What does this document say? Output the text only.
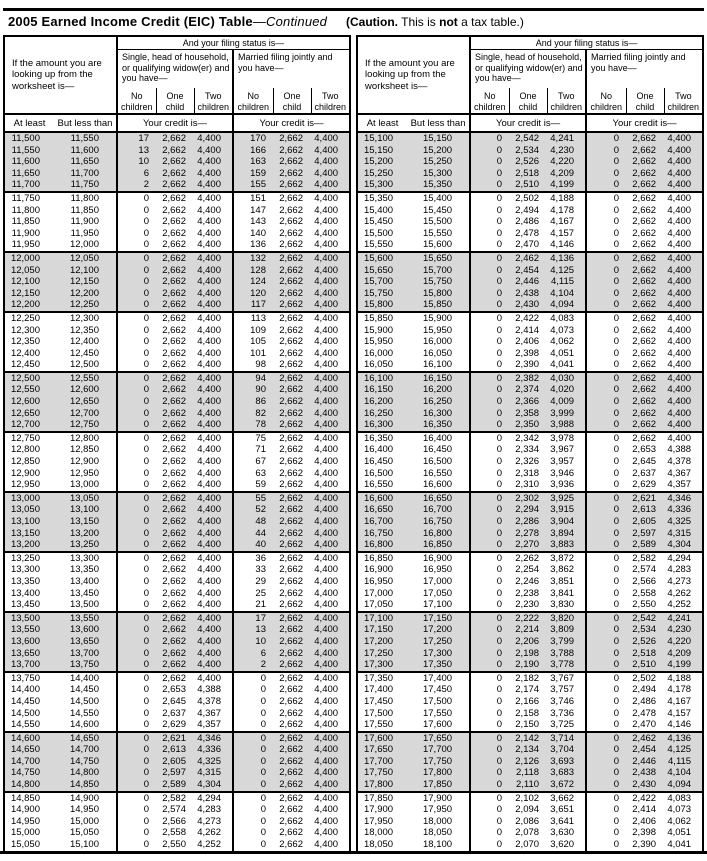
2005 Earned Income Credit (EIC) Table—Continued (Caution. This is not a tax table.)
If the amount you are looking up from the worksheet is—		And your filing status is—					
		Single, head of household, or qualifying widow(er) and you have—			Married filing jointly and you have—		
		No children	One child	Two children	No children	One child	Two children
At least	But less than	Your credit is—			Your credit is—		
11,500	11,550	17	2,662	4,400	170	2,662	4,400
11,550	11,600	13	2,662	4,400	166	2,662	4,400
11,600	11,650	10	2,662	4,400	163	2,662	4,400
11,650	11,700	6	2,662	4,400	159	2,662	4,400
11,700	11,750	2	2,662	4,400	155	2,662	4,400
11,750	11,800	0	2,662	4,400	151	2,662	4,400
11,800	11,850	0	2,662	4,400	147	2,662	4,400
11,850	11,900	0	2,662	4,400	143	2,662	4,400
11,900	11,950	0	2,662	4,400	140	2,662	4,400
11,950	12,000	0	2,662	4,400	136	2,662	4,400
12,000	12,050	0	2,662	4,400	132	2,662	4,400
12,050	12,100	0	2,662	4,400	128	2,662	4,400
12,100	12,150	0	2,662	4,400	124	2,662	4,400
12,150	12,200	0	2,662	4,400	120	2,662	4,400
12,200	12,250	0	2,662	4,400	117	2,662	4,400
12,250	12,300	0	2,662	4,400	113	2,662	4,400
12,300	12,350	0	2,662	4,400	109	2,662	4,400
12,350	12,400	0	2,662	4,400	105	2,662	4,400
12,400	12,450	0	2,662	4,400	101	2,662	4,400
12,450	12,500	0	2,662	4,400	98	2,662	4,400
12,500	12,550	0	2,662	4,400	94	2,662	4,400
12,550	12,600	0	2,662	4,400	90	2,662	4,400
12,600	12,650	0	2,662	4,400	86	2,662	4,400
12,650	12,700	0	2,662	4,400	82	2,662	4,400
12,700	12,750	0	2,662	4,400	78	2,662	4,400
12,750	12,800	0	2,662	4,400	75	2,662	4,400
12,800	12,850	0	2,662	4,400	71	2,662	4,400
12,850	12,900	0	2,662	4,400	67	2,662	4,400
12,900	12,950	0	2,662	4,400	63	2,662	4,400
12,950	13,000	0	2,662	4,400	59	2,662	4,400
13,000	13,050	0	2,662	4,400	55	2,662	4,400
13,050	13,100	0	2,662	4,400	52	2,662	4,400
13,100	13,150	0	2,662	4,400	48	2,662	4,400
13,150	13,200	0	2,662	4,400	44	2,662	4,400
13,200	13,250	0	2,662	4,400	40	2,662	4,400
13,250	13,300	0	2,662	4,400	36	2,662	4,400
13,300	13,350	0	2,662	4,400	33	2,662	4,400
13,350	13,400	0	2,662	4,400	29	2,662	4,400
13,400	13,450	0	2,662	4,400	25	2,662	4,400
13,450	13,500	0	2,662	4,400	21	2,662	4,400
13,500	13,550	0	2,662	4,400	17	2,662	4,400
13,550	13,600	0	2,662	4,400	13	2,662	4,400
13,600	13,650	0	2,662	4,400	10	2,662	4,400
13,650	13,700	0	2,662	4,400	6	2,662	4,400
13,700	13,750	0	2,662	4,400	2	2,662	4,400
13,750	14,400	0	2,662	4,400	0	2,662	4,400
14,400	14,450	0	2,653	4,388	0	2,662	4,400
14,450	14,500	0	2,645	4,378	0	2,662	4,400
14,500	14,550	0	2,637	4,367	0	2,662	4,400
14,550	14,600	0	2,629	4,357	0	2,662	4,400
14,600	14,650	0	2,621	4,346	0	2,662	4,400
14,650	14,700	0	2,613	4,336	0	2,662	4,400
14,700	14,750	0	2,605	4,325	0	2,662	4,400
14,750	14,800	0	2,597	4,315	0	2,662	4,400
14,800	14,850	0	2,589	4,304	0	2,662	4,400
14,850	14,900	0	2,582	4,294	0	2,662	4,400
14,900	14,950	0	2,574	4,283	0	2,662	4,400
14,950	15,000	0	2,566	4,273	0	2,662	4,400
15,000	15,050	0	2,558	4,262	0	2,662	4,400
15,050	15,100	0	2,550	4,252	0	2,662	4,400
If the amount you are looking up from the worksheet is—		And your filing status is—					
		Single, head of household, or qualifying widow(er) and you have—			Married filing jointly and you have—		
		No children	One child	Two children	No children	One child	Two children
At least	But less than	Your credit is—			Your credit is—		
15,100	15,150	0	2,542	4,241	0	2,662	4,400
15,150	15,200	0	2,534	4,230	0	2,662	4,400
15,200	15,250	0	2,526	4,220	0	2,662	4,400
15,250	15,300	0	2,518	4,209	0	2,662	4,400
15,300	15,350	0	2,510	4,199	0	2,662	4,400
15,350	15,400	0	2,502	4,188	0	2,662	4,400
15,400	15,450	0	2,494	4,178	0	2,662	4,400
15,450	15,500	0	2,486	4,167	0	2,662	4,400
15,500	15,550	0	2,478	4,157	0	2,662	4,400
15,550	15,600	0	2,470	4,146	0	2,662	4,400
15,600	15,650	0	2,462	4,136	0	2,662	4,400
15,650	15,700	0	2,454	4,125	0	2,662	4,400
15,700	15,750	0	2,446	4,115	0	2,662	4,400
15,750	15,800	0	2,438	4,104	0	2,662	4,400
15,800	15,850	0	2,430	4,094	0	2,662	4,400
15,850	15,900	0	2,422	4,083	0	2,662	4,400
15,900	15,950	0	2,414	4,073	0	2,662	4,400
15,950	16,000	0	2,406	4,062	0	2,662	4,400
16,000	16,050	0	2,398	4,051	0	2,662	4,400
16,050	16,100	0	2,390	4,041	0	2,662	4,400
16,100	16,150	0	2,382	4,030	0	2,662	4,400
16,150	16,200	0	2,374	4,020	0	2,662	4,400
16,200	16,250	0	2,366	4,009	0	2,662	4,400
16,250	16,300	0	2,358	3,999	0	2,662	4,400
16,300	16,350	0	2,350	3,988	0	2,662	4,400
16,350	16,400	0	2,342	3,978	0	2,662	4,400
16,400	16,450	0	2,334	3,967	0	2,653	4,388
16,450	16,500	0	2,326	3,957	0	2,645	4,378
16,500	16,550	0	2,318	3,946	0	2,637	4,367
16,550	16,600	0	2,310	3,936	0	2,629	4,357
16,600	16,650	0	2,302	3,925	0	2,621	4,346
16,650	16,700	0	2,294	3,915	0	2,613	4,336
16,700	16,750	0	2,286	3,904	0	2,605	4,325
16,750	16,800	0	2,278	3,894	0	2,597	4,315
16,800	16,850	0	2,270	3,883	0	2,589	4,304
16,850	16,900	0	2,262	3,872	0	2,582	4,294
16,900	16,950	0	2,254	3,862	0	2,574	4,283
16,950	17,000	0	2,246	3,851	0	2,566	4,273
17,000	17,050	0	2,238	3,841	0	2,558	4,262
17,050	17,100	0	2,230	3,830	0	2,550	4,252
17,100	17,150	0	2,222	3,820	0	2,542	4,241
17,150	17,200	0	2,214	3,809	0	2,534	4,230
17,200	17,250	0	2,206	3,799	0	2,526	4,220
17,250	17,300	0	2,198	3,788	0	2,518	4,209
17,300	17,350	0	2,190	3,778	0	2,510	4,199
17,350	17,400	0	2,182	3,767	0	2,502	4,188
17,400	17,450	0	2,174	3,757	0	2,494	4,178
17,450	17,500	0	2,166	3,746	0	2,486	4,167
17,500	17,550	0	2,158	3,736	0	2,478	4,157
17,550	17,600	0	2,150	3,725	0	2,470	4,146
17,600	17,650	0	2,142	3,714	0	2,462	4,136
17,650	17,700	0	2,134	3,704	0	2,454	4,125
17,700	17,750	0	2,126	3,693	0	2,446	4,115
17,750	17,800	0	2,118	3,683	0	2,438	4,104
17,800	17,850	0	2,110	3,672	0	2,430	4,094
17,850	17,900	0	2,102	3,662	0	2,422	4,083
17,900	17,950	0	2,094	3,651	0	2,414	4,073
17,950	18,000	0	2,086	3,641	0	2,406	4,062
18,000	18,050	0	2,078	3,630	0	2,398	4,051
18,050	18,100	0	2,070	3,620	0	2,390	4,041
